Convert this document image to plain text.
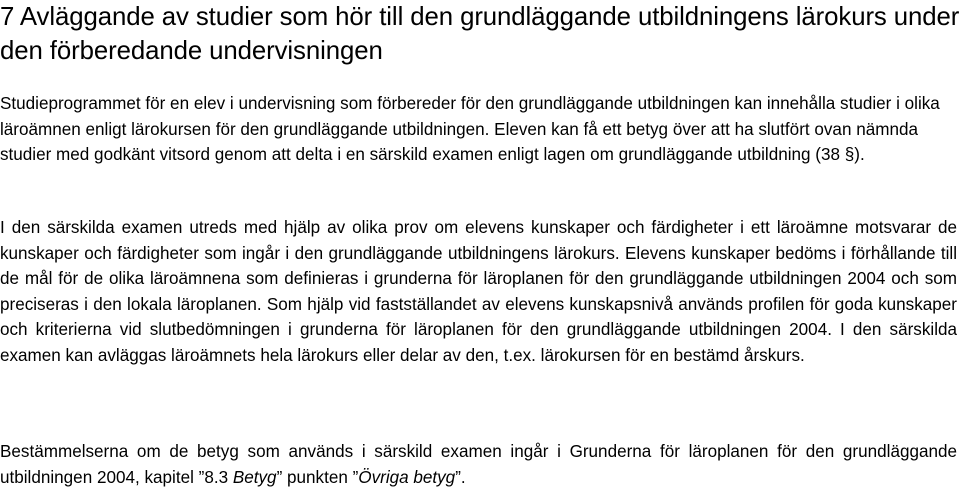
7 Avläggande av studier som hör till den grundläggande utbildningens lärokurs under den förberedande undervisningen

Studieprogrammet för en elev i undervisning som förbereder för den grundläggande utbildningen kan innehålla studier i olika läroämnen enligt lärokursen för den grundläggande utbildningen. Eleven kan få ett betyg över att ha slutfört ovan nämnda studier med godkänt vitsord genom att delta i en särskild examen enligt lagen om grundläggande utbildning (38 §).

I den särskilda examen utreds med hjälp av olika prov om elevens kunskaper och färdigheter i ett läroämne motsvarar de kunskaper och färdigheter som ingår i den grundläggande utbildningens lärokurs. Elevens kunskaper bedöms i förhållande till de mål för de olika läroämnena som definieras i grunderna för läroplanen för den grundläggande utbildningen 2004 och som preciseras i den lokala läroplanen. Som hjälp vid fastställandet av elevens kunskapsnivå används profilen för goda kunskaper och kriterierna vid slutbedömningen i grunderna för läroplanen för den grundläggande utbildningen 2004. I den särskilda examen kan avläggas läroämnets hela lärokurs eller delar av den, t.ex. lärokursen för en bestämd årskurs.

Bestämmelserna om de betyg som används i särskild examen ingår i Grunderna för läroplanen för den grundläggande utbildningen 2004, kapitel ”8.3 Betyg” punkten ”Övriga betyg”.
